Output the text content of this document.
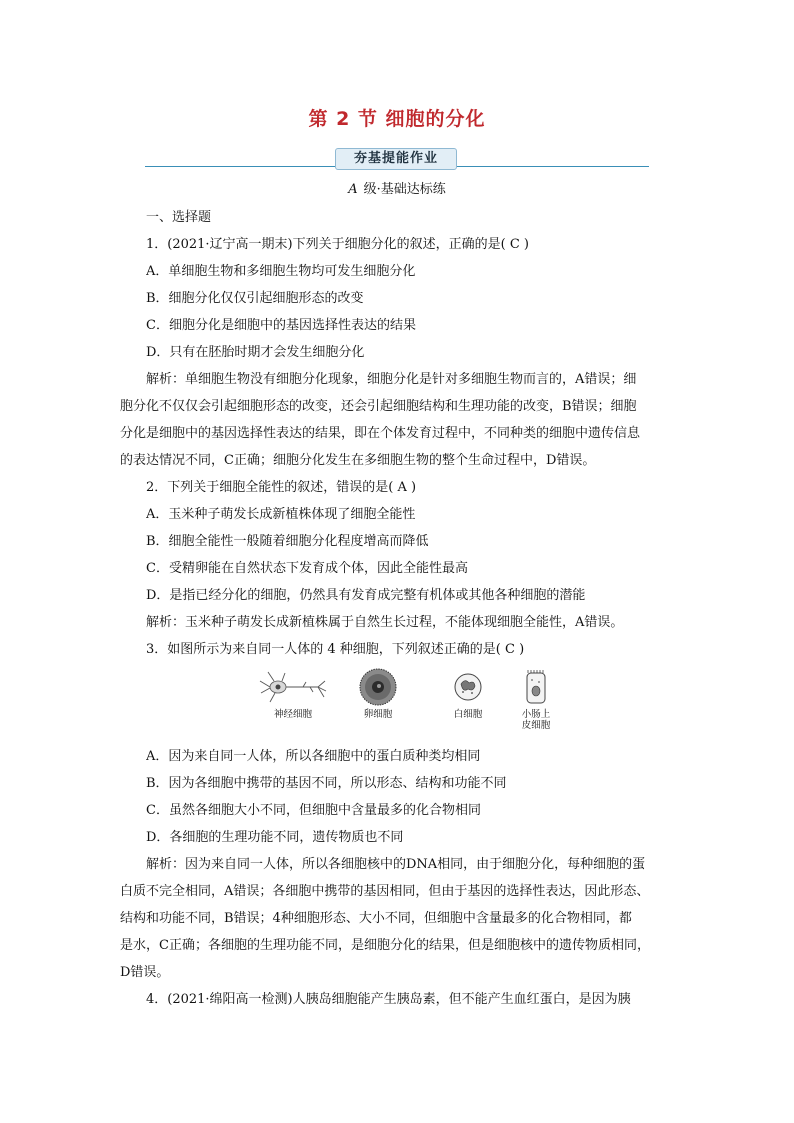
第 2 节 细胞的分化
夯基提能作业
A 级·基础达标练
一、选择题
1．(2021·辽宁高一期末)下列关于细胞分化的叙述，正确的是( C )
A．单细胞生物和多细胞生物均可发生细胞分化
B．细胞分化仅仅引起细胞形态的改变
C．细胞分化是细胞中的基因选择性表达的结果
D．只有在胚胎时期才会发生细胞分化
解析：单细胞生物没有细胞分化现象，细胞分化是针对多细胞生物而言的，A错误；细
胞分化不仅仅会引起细胞形态的改变，还会引起细胞结构和生理功能的改变，B错误；细胞
分化是细胞中的基因选择性表达的结果，即在个体发育过程中，不同种类的细胞中遗传信息
的表达情况不同，C正确；细胞分化发生在多细胞生物的整个生命过程中，D错误。
2．下列关于细胞全能性的叙述，错误的是( A )
A．玉米种子萌发长成新植株体现了细胞全能性
B．细胞全能性一般随着细胞分化程度增高而降低
C．受精卵能在自然状态下发育成个体，因此全能性最高
D．是指已经分化的细胞，仍然具有发育成完整有机体或其他各种细胞的潜能
解析：玉米种子萌发长成新植株属于自然生长过程，不能体现细胞全能性，A错误。
3．如图所示为来自同一人体的 4 种细胞，下列叙述正确的是( C )
神经细胞	卵细胞	白细胞	小肠上
皮细胞
A．因为来自同一人体，所以各细胞中的蛋白质种类均相同
B．因为各细胞中携带的基因不同，所以形态、结构和功能不同
C．虽然各细胞大小不同，但细胞中含量最多的化合物相同
D．各细胞的生理功能不同，遗传物质也不同
解析：因为来自同一人体，所以各细胞核中的DNA相同，由于细胞分化，每种细胞的蛋
白质不完全相同，A错误；各细胞中携带的基因相同，但由于基因的选择性表达，因此形态、
结构和功能不同，B错误；4种细胞形态、大小不同，但细胞中含量最多的化合物相同，都
是水，C正确；各细胞的生理功能不同，是细胞分化的结果，但是细胞核中的遗传物质相同，
D错误。
4．(2021·绵阳高一检测)人胰岛细胞能产生胰岛素，但不能产生血红蛋白，是因为胰
